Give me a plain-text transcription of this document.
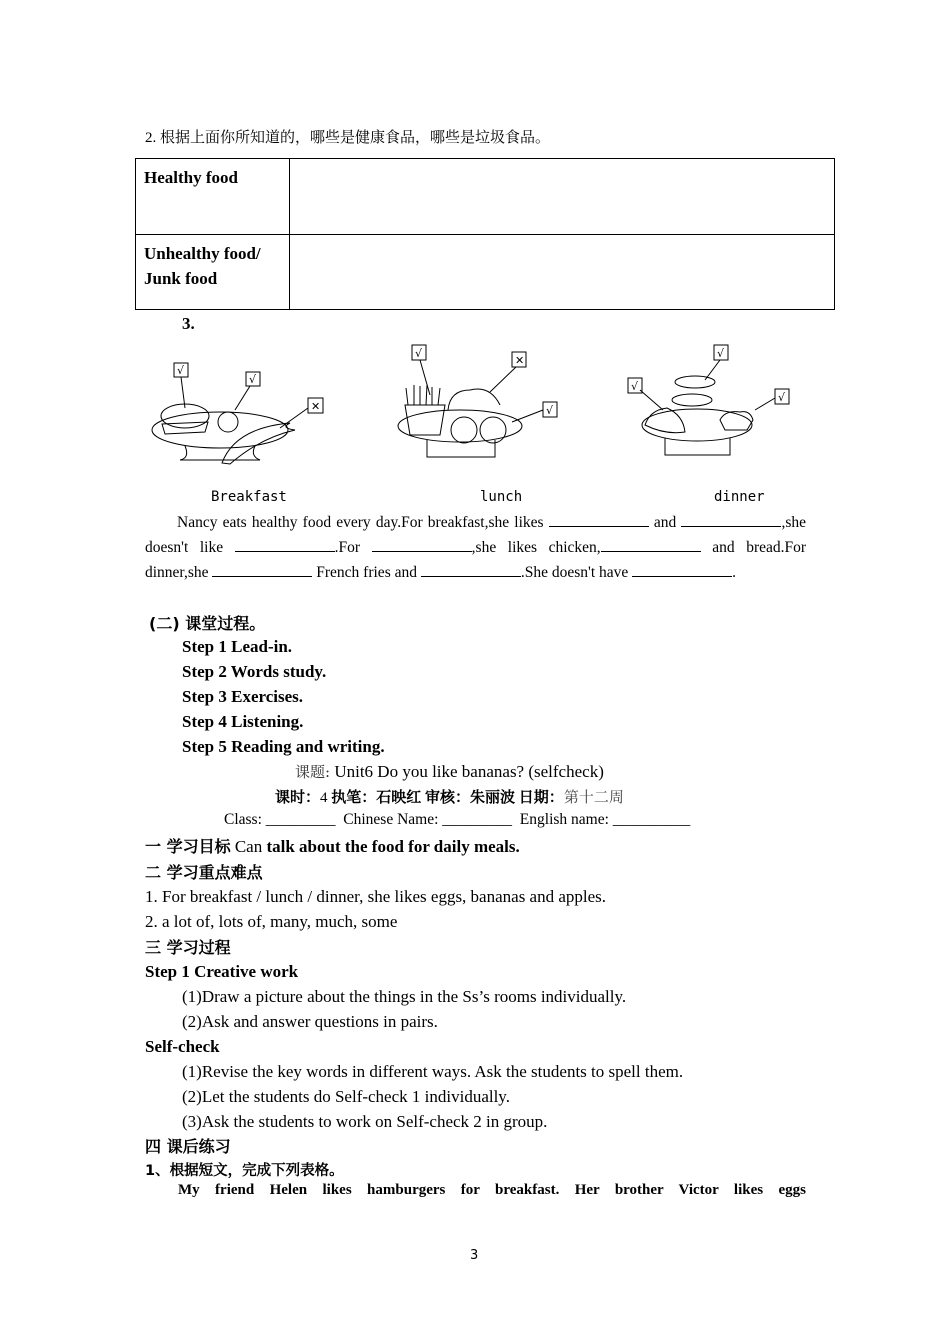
2. 根据上面你所知道的，哪些是健康食品，哪些是垃圾食品。
Healthy food	

Unhealthy food/
Junk food	

3.
√
√
✕
√
✕
√
√
√
√
Breakfast	lunch	dinner
Nancy eats healthy food every day.For breakfast,she likes	and	,she doesn't like	.For	,she likes chicken,	and bread.For dinner,she	French fries and	.She doesn't have	.
(二) 课堂过程。
Step 1 Lead-in.
Step 2 Words study.
Step 3 Exercises.
Step 4 Listening.
Step 5 Reading and writing.
课题: Unit6 Do you like bananas? (selfcheck)
课时：4 执笔：石映红 审核：朱丽波 日期：第十二周
Class: _________ Chinese Name: _________ English name: __________
一 学习目标 Can talk about the food for daily meals.
二 学习重点难点
1. For breakfast / lunch / dinner, she likes eggs, bananas and apples.
2. a lot of, lots of, many, much, some
三 学习过程
Step 1 Creative work
(1)Draw a picture about the things in the Ss’s rooms individually.
(2)Ask and answer questions in pairs.
Self-check
(1)Revise the key words in different ways. Ask the students to spell them.
(2)Let the students do Self-check 1 individually.
(3)Ask the students to work on Self-check 2 in group.
四 课后练习
1、根据短文，完成下列表格。
My friend Helen likes hamburgers for breakfast. Her brother Victor likes eggs
3
